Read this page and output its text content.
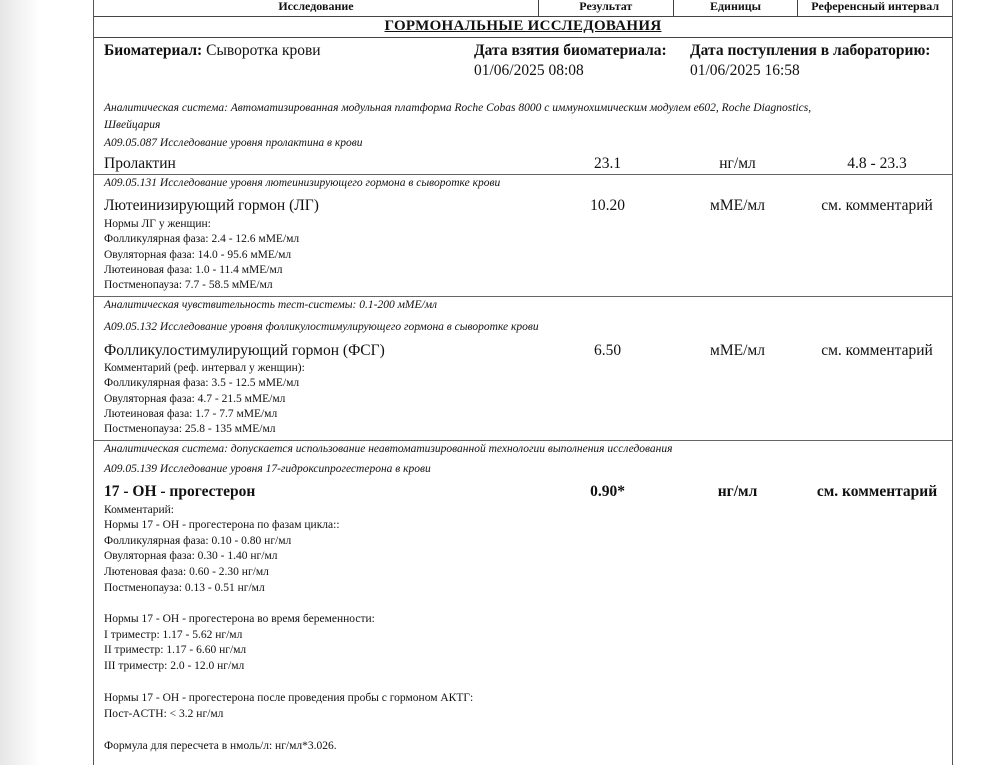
Исследование	Результат	Единицы	Референсный интервал
ГОРМОНАЛЬНЫЕ ИССЛЕДОВАНИЯ
Биоматериал: Сыворотка крови	Дата взятия биоматериала:
01/06/2025 08:08
Дата поступления в лабораторию:
01/06/2025 16:58
Аналитическая система: Автоматизированная модульная платформа Roche Cobas 8000 с иммунохимическим модулем е602, Roche Diagnostics,
Швейцария
A09.05.087 Исследование уровня пролактина в крови
Пролактин	23.1	нг/мл	4.8 - 23.3
A09.05.131 Исследование уровня лютеинизирующего гормона в сыворотке крови
Лютеинизирующий гормон (ЛГ)	10.20	мМЕ/мл	см. комментарий
Нормы ЛГ у женщин:
Фолликулярная фаза: 2.4 - 12.6 мМЕ/мл
Овуляторная фаза: 14.0 - 95.6 мМЕ/мл
Лютеиновая фаза: 1.0 - 11.4 мМЕ/мл
Постменопауза: 7.7 - 58.5 мМЕ/мл
Аналитическая чувствительность тест-системы: 0.1-200 мМЕ/мл
A09.05.132 Исследование уровня фолликулостимулирующего гормона в сыворотке крови
Фолликулостимулирующий гормон (ФСГ)	6.50	мМЕ/мл	см. комментарий
Комментарий (реф. интервал у женщин):
Фолликулярная фаза: 3.5 - 12.5 мМЕ/мл
Овуляторная фаза: 4.7 - 21.5 мМЕ/мл
Лютеиновая фаза: 1.7 - 7.7 мМЕ/мл
Постменопауза: 25.8 - 135 мМЕ/мл
Аналитическая система: допускается использование неавтоматизированной технологии выполнения исследования
A09.05.139 Исследование уровня 17-гидроксипрогестерона в крови
17 - ОН - прогестерон	0.90*	нг/мл	см. комментарий
Комментарий:
Нормы 17 - ОН - прогестерона по фазам цикла::
Фолликулярная фаза: 0.10 - 0.80 нг/мл
Овуляторная фаза: 0.30 - 1.40 нг/мл
Лютеновая фаза: 0.60 - 2.30 нг/мл
Постменопауза: 0.13 - 0.51 нг/мл
Нормы 17 - ОН - прогестерона во время беременности:
I триместр: 1.17 - 5.62 нг/мл
II триместр: 1.17 - 6.60 нг/мл
III триместр: 2.0 - 12.0 нг/мл
Нормы 17 - ОН - прогестерона после проведения пробы с гормоном АКТГ:
Пост-ACTH: < 3.2 нг/мл
Формула для пересчета в нмоль/л: нг/мл*3.026.
